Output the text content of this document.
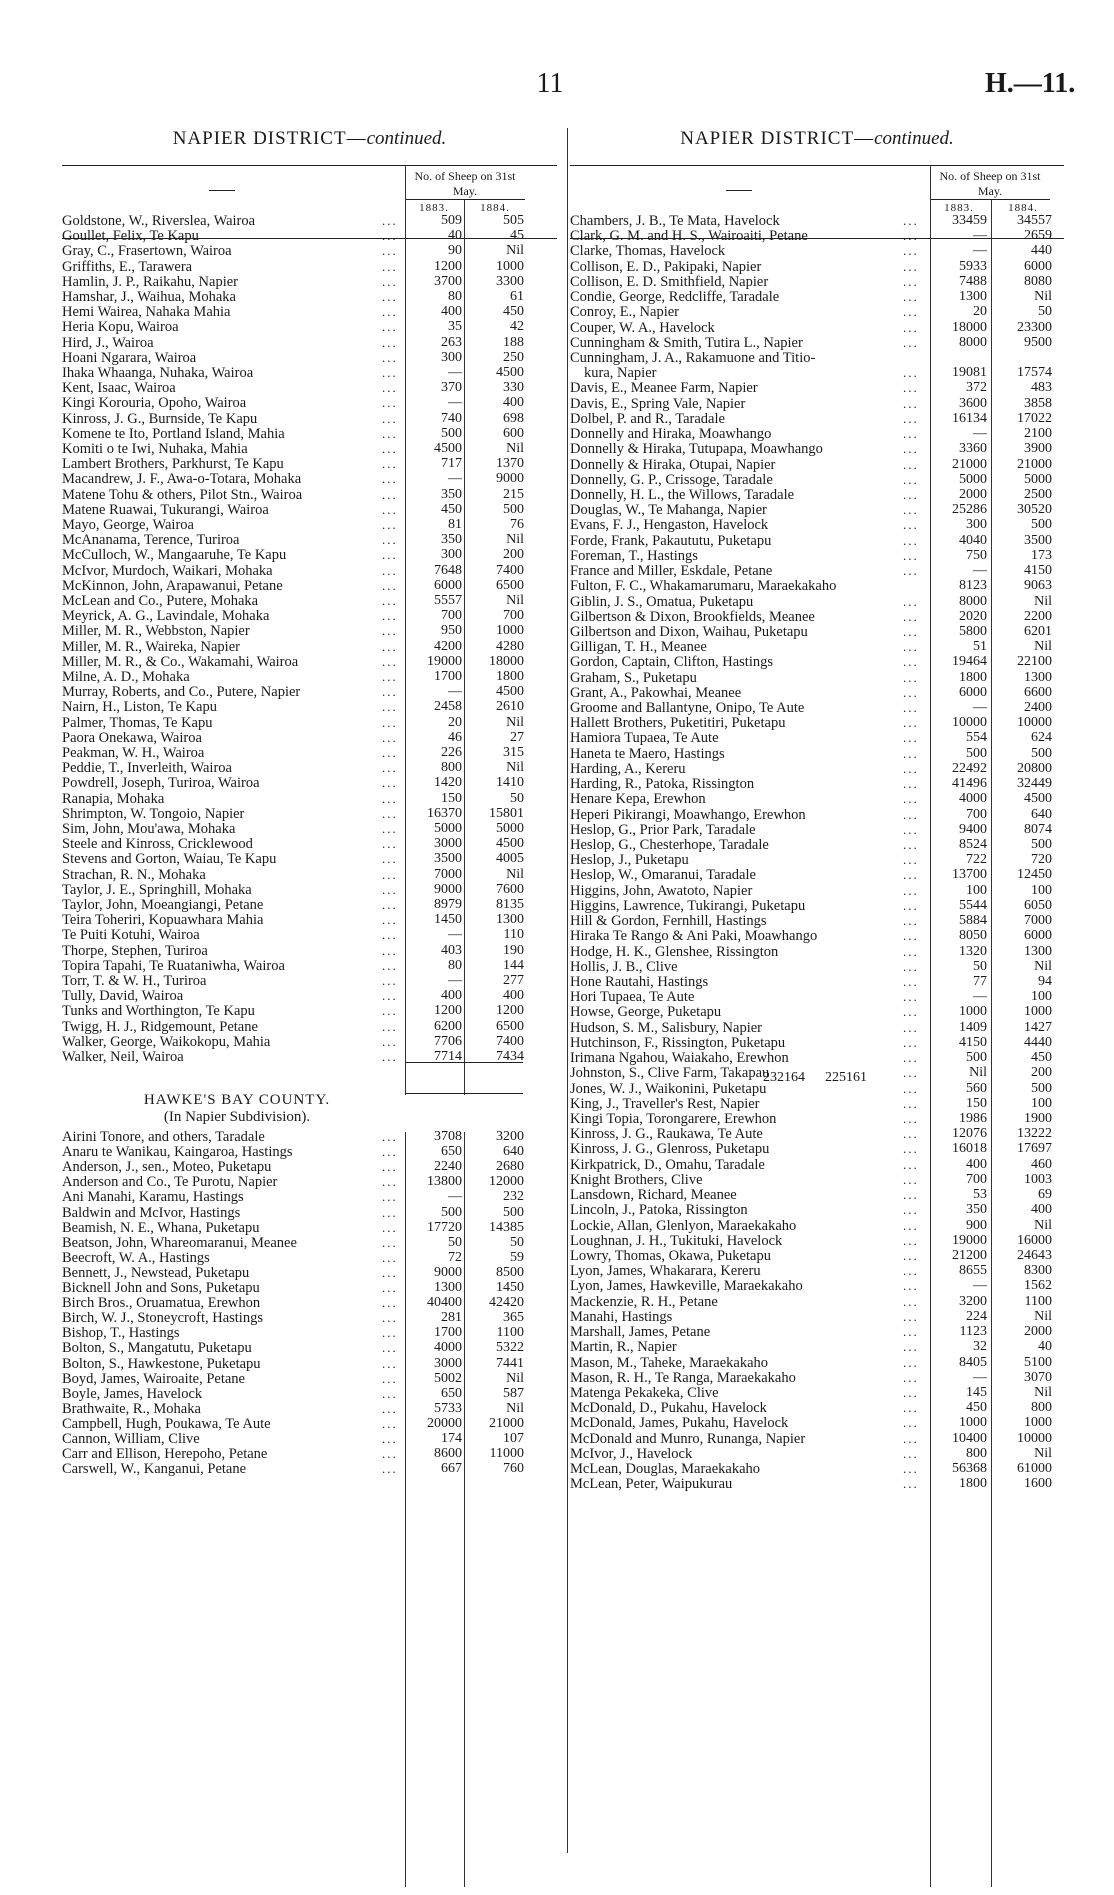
11	H.—11.
NAPIER DISTRICT—continued.
No. of Sheep on 31st May.
1883.	1884.
Goldstone, W., Riverslea, Wairoa	...	509	505
Goullet, Felix, Te Kapu	...	40	45
Gray, C., Frasertown, Wairoa	...	90	Nil
Griffiths, E., Tarawera	...	1200	1000
Hamlin, J. P., Raikahu, Napier	...	3700	3300
Hamshar, J., Waihua, Mohaka	...	80	61
Hemi Wairea, Nahaka Mahia	...	400	450
Heria Kopu, Wairoa	...	35	42
Hird, J., Wairoa	...	263	188
Hoani Ngarara, Wairoa	...	300	250
Ihaka Whaanga, Nuhaka, Wairoa	...	—	4500
Kent, Isaac, Wairoa	...	370	330
Kingi Korouria, Opoho, Wairoa	...	—	400
Kinross, J. G., Burnside, Te Kapu	...	740	698
Komene te Ito, Portland Island, Mahia	...	500	600
Komiti o te Iwi, Nuhaka, Mahia	...	4500	Nil
Lambert Brothers, Parkhurst, Te Kapu	...	717	1370
Macandrew, J. F., Awa-o-Totara, Mohaka	...	—	9000
Matene Tohu & others, Pilot Stn., Wairoa	...	350	215
Matene Ruawai, Tukurangi, Wairoa	...	450	500
Mayo, George, Wairoa	...	81	76
McAnanama, Terence, Turiroa	...	350	Nil
McCulloch, W., Mangaaruhe, Te Kapu	...	300	200
McIvor, Murdoch, Waikari, Mohaka	...	7648	7400
McKinnon, John, Arapawanui, Petane	...	6000	6500
McLean and Co., Putere, Mohaka	...	5557	Nil
Meyrick, A. G., Lavindale, Mohaka	...	700	700
Miller, M. R., Webbston, Napier	...	950	1000
Miller, M. R., Waireka, Napier	...	4200	4280
Miller, M. R., & Co., Wakamahi, Wairoa	...	19000	18000
Milne, A. D., Mohaka	...	1700	1800
Murray, Roberts, and Co., Putere, Napier	...	—	4500
Nairn, H., Liston, Te Kapu	...	2458	2610
Palmer, Thomas, Te Kapu	...	20	Nil
Paora Onekawa, Wairoa	...	46	27
Peakman, W. H., Wairoa	...	226	315
Peddie, T., Inverleith, Wairoa	...	800	Nil
Powdrell, Joseph, Turiroa, Wairoa	...	1420	1410
Ranapia, Mohaka	...	150	50
Shrimpton, W. Tongoio, Napier	...	16370	15801
Sim, John, Mou'awa, Mohaka	...	5000	5000
Steele and Kinross, Cricklewood	...	3000	4500
Stevens and Gorton, Waiau, Te Kapu	...	3500	4005
Strachan, R. N., Mohaka	...	7000	Nil
Taylor, J. E., Springhill, Mohaka	...	9000	7600
Taylor, John, Moeangiangi, Petane	...	8979	8135
Teira Toheriri, Kopuawhara Mahia	...	1450	1300
Te Puiti Kotuhi, Wairoa	...	—	110
Thorpe, Stephen, Turiroa	...	403	190
Topira Tapahi, Te Ruataniwha, Wairoa	...	80	144
Torr, T. & W. H., Turiroa	...	—	277
Tully, David, Wairoa	...	400	400
Tunks and Worthington, Te Kapu	...	1200	1200
Twigg, H. J., Ridgemount, Petane	...	6200	6500
Walker, George, Waikokopu, Mahia	...	7706	7400
Walker, Neil, Wairoa	...	7714	7434
232164	225161
HAWKE'S BAY COUNTY.
(In Napier Subdivision).
Airini Tonore, and others, Taradale	...	3708	3200
Anaru te Wanikau, Kaingaroa, Hastings	...	650	640
Anderson, J., sen., Moteo, Puketapu	...	2240	2680
Anderson and Co., Te Purotu, Napier	...	13800	12000
Ani Manahi, Karamu, Hastings	...	—	232
Baldwin and McIvor, Hastings	...	500	500
Beamish, N. E., Whana, Puketapu	...	17720	14385
Beatson, John, Whareomaranui, Meanee	...	50	50
Beecroft, W. A., Hastings	...	72	59
Bennett, J., Newstead, Puketapu	...	9000	8500
Bicknell John and Sons, Puketapu	...	1300	1450
Birch Bros., Oruamatua, Erewhon	...	40400	42420
Birch, W. J., Stoneycroft, Hastings	...	281	365
Bishop, T., Hastings	...	1700	1100
Bolton, S., Mangatutu, Puketapu	...	4000	5322
Bolton, S., Hawkestone, Puketapu	...	3000	7441
Boyd, James, Wairoaite, Petane	...	5002	Nil
Boyle, James, Havelock	...	650	587
Brathwaite, R., Mohaka	...	5733	Nil
Campbell, Hugh, Poukawa, Te Aute	...	20000	21000
Cannon, William, Clive	...	174	107
Carr and Ellison, Herepoho, Petane	...	8600	11000
Carswell, W., Kanganui, Petane	...	667	760
NAPIER DISTRICT—continued.
No. of Sheep on 31st May.
1883.	1884.
Chambers, J. B., Te Mata, Havelock	...	33459	34557
Clark, G. M. and H. S., Wairoaiti, Petane	...	—	2659
Clarke, Thomas, Havelock	...	—	440
Collison, E. D., Pakipaki, Napier	...	5933	6000
Collison, E. D. Smithfield, Napier	...	7488	8080
Condie, George, Redcliffe, Taradale	...	1300	Nil
Conroy, E., Napier	...	20	50
Couper, W. A., Havelock	...	18000	23300
Cunningham & Smith, Tutira L., Napier	...	8000	9500
Cunningham, J. A., Rakamuone and Titio-
kura, Napier	...	19081	17574
Davis, E., Meanee Farm, Napier	...	372	483
Davis, E., Spring Vale, Napier	...	3600	3858
Dolbel, P. and R., Taradale	...	16134	17022
Donnelly and Hiraka, Moawhango	...	—	2100
Donnelly & Hiraka, Tutupapa, Moawhango	...	3360	3900
Donnelly & Hiraka, Otupai, Napier	...	21000	21000
Donnelly, G. P., Crissoge, Taradale	...	5000	5000
Donnelly, H. L., the Willows, Taradale	...	2000	2500
Douglas, W., Te Mahanga, Napier	...	25286	30520
Evans, F. J., Hengaston, Havelock	...	300	500
Forde, Frank, Pakaututu, Puketapu	...	4040	3500
Foreman, T., Hastings	...	750	173
France and Miller, Eskdale, Petane	...	—	4150
Fulton, F. C., Whakamarumaru, Maraekakaho	8123	9063
Giblin, J. S., Omatua, Puketapu	...	8000	Nil
Gilbertson & Dixon, Brookfields, Meanee	...	2020	2200
Gilbertson and Dixon, Waihau, Puketapu	...	5800	6201
Gilligan, T. H., Meanee	...	51	Nil
Gordon, Captain, Clifton, Hastings	...	19464	22100
Graham, S., Puketapu	...	1800	1300
Grant, A., Pakowhai, Meanee	...	6000	6600
Groome and Ballantyne, Onipo, Te Aute	...	—	2400
Hallett Brothers, Puketitiri, Puketapu	...	10000	10000
Hamiora Tupaea, Te Aute	...	554	624
Haneta te Maero, Hastings	...	500	500
Harding, A., Kereru	...	22492	20800
Harding, R., Patoka, Rissington	...	41496	32449
Henare Kepa, Erewhon	...	4000	4500
Heperi Pikirangi, Moawhango, Erewhon	...	700	640
Heslop, G., Prior Park, Taradale	...	9400	8074
Heslop, G., Chesterhope, Taradale	...	8524	500
Heslop, J., Puketapu	...	722	720
Heslop, W., Omaranui, Taradale	...	13700	12450
Higgins, John, Awatoto, Napier	...	100	100
Higgins, Lawrence, Tukirangi, Puketapu	...	5544	6050
Hill & Gordon, Fernhill, Hastings	...	5884	7000
Hiraka Te Rango & Ani Paki, Moawhango	...	8050	6000
Hodge, H. K., Glenshee, Rissington	...	1320	1300
Hollis, J. B., Clive	...	50	Nil
Hone Rautahi, Hastings	...	77	94
Hori Tupaea, Te Aute	...	—	100
Howse, George, Puketapu	...	1000	1000
Hudson, S. M., Salisbury, Napier	...	1409	1427
Hutchinson, F., Rissington, Puketapu	...	4150	4440
Irimana Ngahou, Waiakaho, Erewhon	...	500	450
Johnston, S., Clive Farm, Takapau	...	Nil	200
Jones, W. J., Waikonini, Puketapu	...	560	500
King, J., Traveller's Rest, Napier	...	150	100
Kingi Topia, Torongarere, Erewhon	...	1986	1900
Kinross, J. G., Raukawa, Te Aute	...	12076	13222
Kinross, J. G., Glenross, Puketapu	...	16018	17697
Kirkpatrick, D., Omahu, Taradale	...	400	460
Knight Brothers, Clive	...	700	1003
Lansdown, Richard, Meanee	...	53	69
Lincoln, J., Patoka, Rissington	...	350	400
Lockie, Allan, Glenlyon, Maraekakaho	...	900	Nil
Loughnan, J. H., Tukituki, Havelock	...	19000	16000
Lowry, Thomas, Okawa, Puketapu	...	21200	24643
Lyon, James, Whakarara, Kereru	...	8655	8300
Lyon, James, Hawkeville, Maraekakaho	...	—	1562
Mackenzie, R. H., Petane	...	3200	1100
Manahi, Hastings	...	224	Nil
Marshall, James, Petane	...	1123	2000
Martin, R., Napier	...	32	40
Mason, M., Taheke, Maraekakaho	...	8405	5100
Mason, R. H., Te Ranga, Maraekakaho	...	—	3070
Matenga Pekakeka, Clive	...	145	Nil
McDonald, D., Pukahu, Havelock	...	450	800
McDonald, James, Pukahu, Havelock	...	1000	1000
McDonald and Munro, Runanga, Napier	...	10400	10000
McIvor, J., Havelock	...	800	Nil
McLean, Douglas, Maraekakaho	...	56368	61000
McLean, Peter, Waipukurau	...	1800	1600
